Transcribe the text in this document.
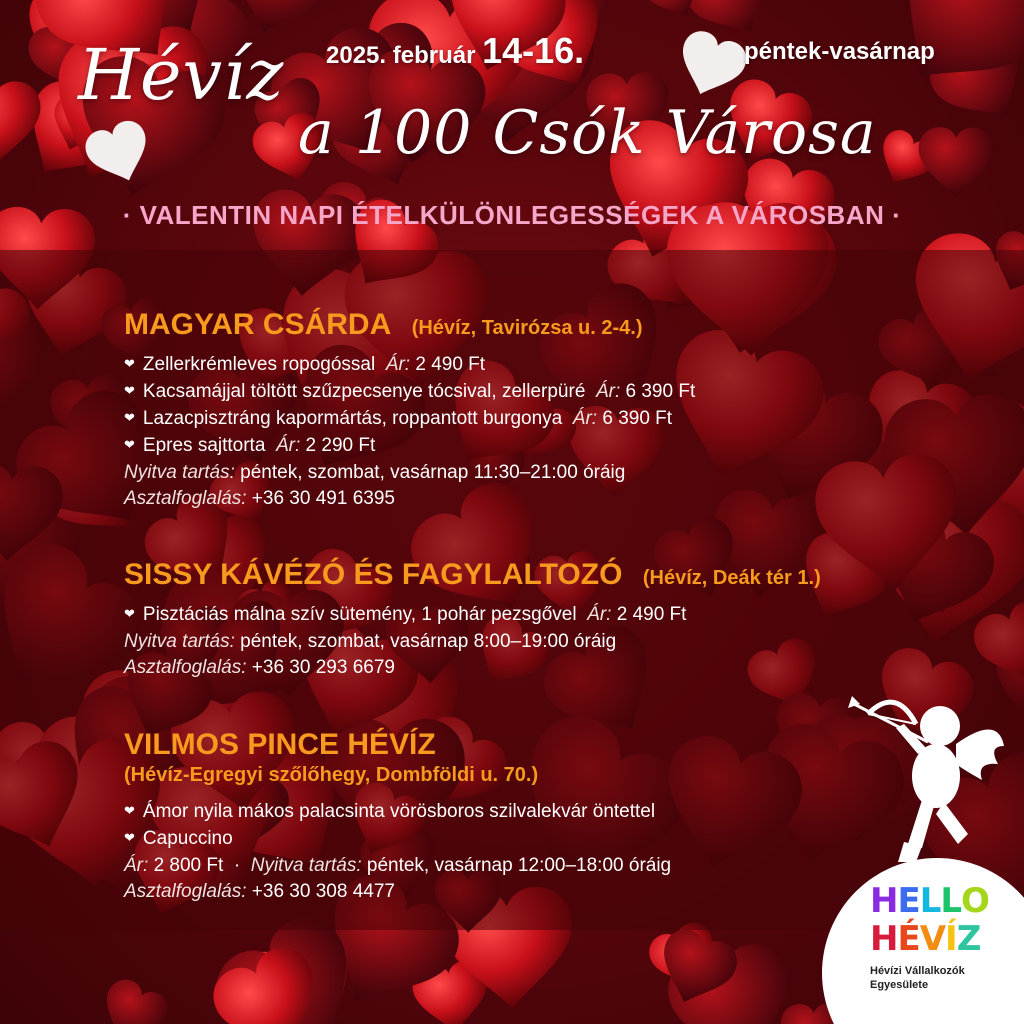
Hévíz
a 100 Csók Városa
2025. február 14-16.	péntek-vasárnap
· VALENTIN NAPI ÉTELKÜLÖNLEGESSÉGEK A VÁROSBAN ·
MAGYAR CSÁRDA (Hévíz, Tavirózsa u. 2-4.)
❤ Zellerkrémleves ropogóssal Ár: 2 490 Ft
❤ Kacsamájjal töltött szűzpecsenye tócsival, zellerpüré Ár: 6 390 Ft
❤ Lazacpisztráng kapormártás, roppantott burgonya Ár: 6 390 Ft
❤ Epres sajttorta Ár: 2 290 Ft
Nyitva tartás: péntek, szombat, vasárnap 11:30–21:00 óráig
Asztalfoglalás: +36 30 491 6395
SISSY KÁVÉZÓ ÉS FAGYLALTOZÓ (Hévíz, Deák tér 1.)
❤ Pisztáciás málna szív sütemény, 1 pohár pezsgővel Ár: 2 490 Ft
Nyitva tartás: péntek, szombat, vasárnap 8:00–19:00 óráig
Asztalfoglalás: +36 30 293 6679
VILMOS PINCE HÉVÍZ
(Hévíz-Egregyi szőlőhegy, Dombföldi u. 70.)
❤ Ámor nyila mákos palacsinta vörösboros szilvalekvár öntettel
❤ Capuccino
Ár: 2 800 Ft · Nyitva tartás: péntek, vasárnap 12:00–18:00 óráig
Asztalfoglalás: +36 30 308 4477	H E L L O
H É V Í Z
Hévízi Vállalkozók
Egyesülete
